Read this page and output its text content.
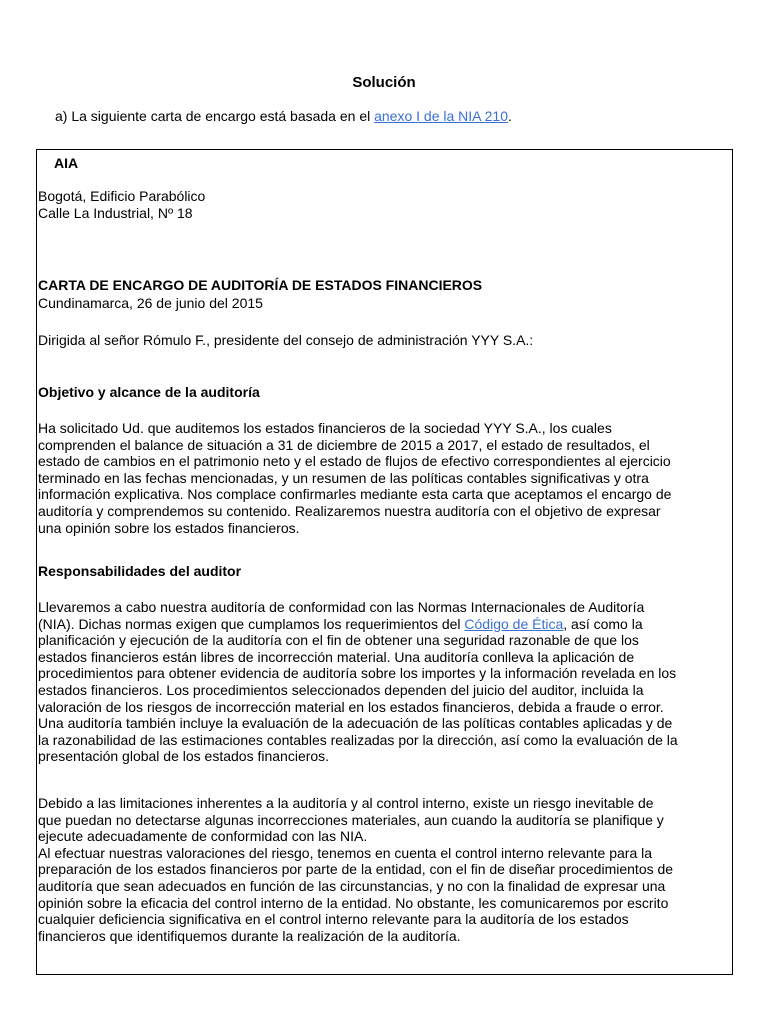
Solución
a) La siguiente carta de encargo está basada en el anexo I de la NIA 210.
AIA
Bogotá, Edificio Parabólico
Calle La Industrial, Nº 18
CARTA DE ENCARGO DE AUDITORÍA DE ESTADOS FINANCIEROS
Cundinamarca, 26 de junio del 2015
Dirigida al señor Rómulo F., presidente del consejo de administración YYY S.A.:
Objetivo y alcance de la auditoría
Ha solicitado Ud. que auditemos los estados financieros de la sociedad YYY S.A., los cuales
comprenden el balance de situación a 31 de diciembre de 2015 a 2017, el estado de resultados, el
estado de cambios en el patrimonio neto y el estado de flujos de efectivo correspondientes al ejercicio
terminado en las fechas mencionadas, y un resumen de las políticas contables significativas y otra
información explicativa. Nos complace confirmarles mediante esta carta que aceptamos el encargo de
auditoría y comprendemos su contenido. Realizaremos nuestra auditoría con el objetivo de expresar
una opinión sobre los estados financieros.
Responsabilidades del auditor
Llevaremos a cabo nuestra auditoría de conformidad con las Normas Internacionales de Auditoría
(NIA). Dichas normas exigen que cumplamos los requerimientos del Código de Ética, así como la
planificación y ejecución de la auditoría con el fin de obtener una seguridad razonable de que los
estados financieros están libres de incorrección material. Una auditoría conlleva la aplicación de
procedimientos para obtener evidencia de auditoría sobre los importes y la información revelada en los
estados financieros. Los procedimientos seleccionados dependen del juicio del auditor, incluida la
valoración de los riesgos de incorrección material en los estados financieros, debida a fraude o error.
Una auditoría también incluye la evaluación de la adecuación de las políticas contables aplicadas y de
la razonabilidad de las estimaciones contables realizadas por la dirección, así como la evaluación de la
presentación global de los estados financieros.
Debido a las limitaciones inherentes a la auditoría y al control interno, existe un riesgo inevitable de
que puedan no detectarse algunas incorrecciones materiales, aun cuando la auditoría se planifique y
ejecute adecuadamente de conformidad con las NIA.
Al efectuar nuestras valoraciones del riesgo, tenemos en cuenta el control interno relevante para la
preparación de los estados financieros por parte de la entidad, con el fin de diseñar procedimientos de
auditoría que sean adecuados en función de las circunstancias, y no con la finalidad de expresar una
opinión sobre la eficacia del control interno de la entidad. No obstante, les comunicaremos por escrito
cualquier deficiencia significativa en el control interno relevante para la auditoría de los estados
financieros que identifiquemos durante la realización de la auditoría.
